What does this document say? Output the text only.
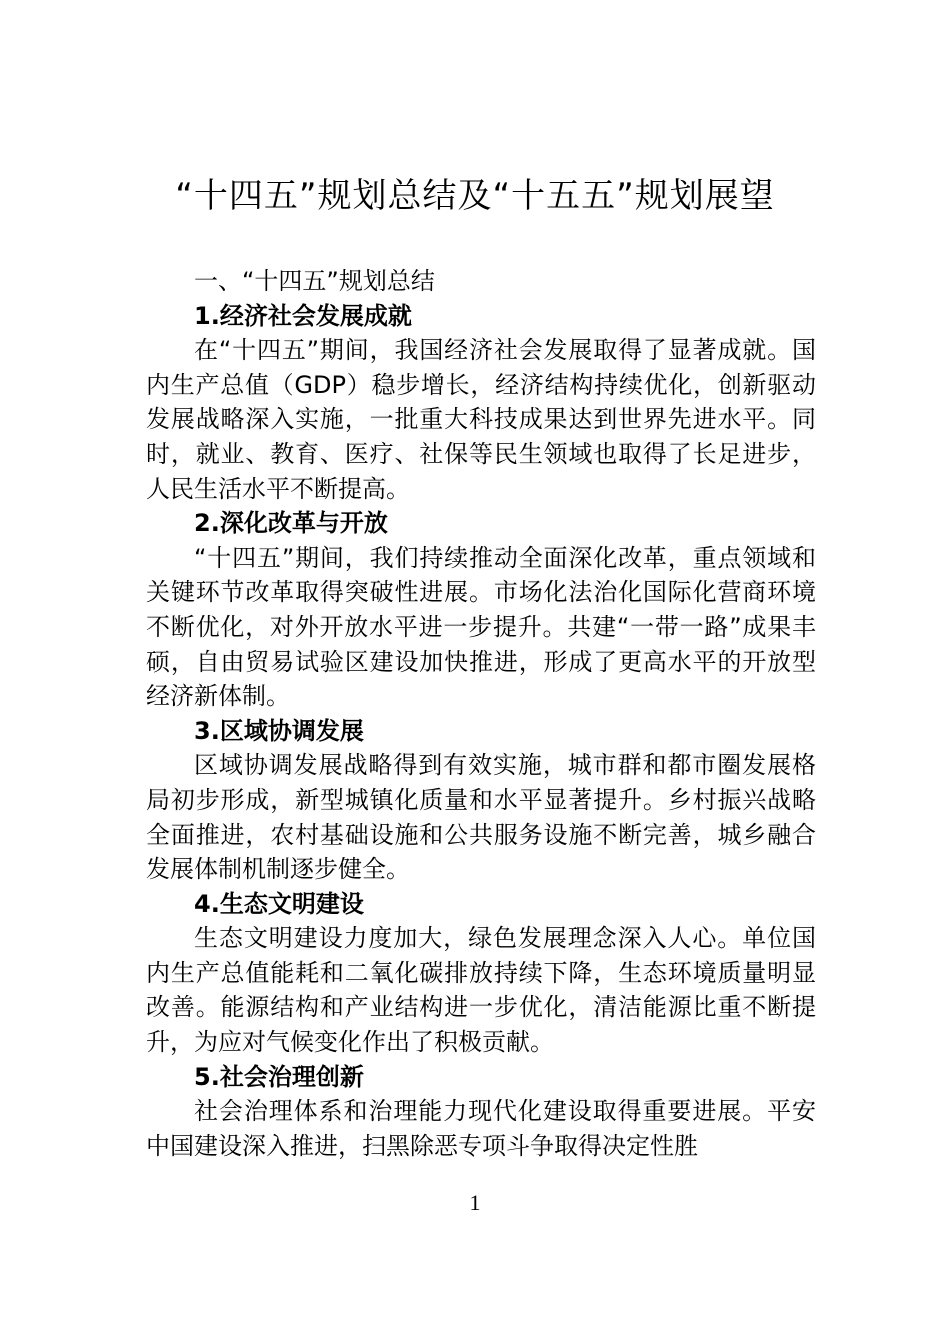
“十四五”规划总结及“十五五”规划展望
一、“十四五”规划总结
1.经济社会发展成就

在“十四五”期间，我国经济社会发展取得了显著成就。国内生产总值（GDP）稳步增长，经济结构持续优化，创新驱动发展战略深入实施，一批重大科技成果达到世界先进水平。同时，就业、教育、医疗、社保等民生领域也取得了长足进步，人民生活水平不断提高。

2.深化改革与开放

“十四五”期间，我们持续推动全面深化改革，重点领域和关键环节改革取得突破性进展。市场化法治化国际化营商环境不断优化，对外开放水平进一步提升。共建“一带一路”成果丰硕，自由贸易试验区建设加快推进，形成了更高水平的开放型经济新体制。

3.区域协调发展

区域协调发展战略得到有效实施，城市群和都市圈发展格局初步形成，新型城镇化质量和水平显著提升。乡村振兴战略全面推进，农村基础设施和公共服务设施不断完善，城乡融合发展体制机制逐步健全。

4.生态文明建设

生态文明建设力度加大，绿色发展理念深入人心。单位国内生产总值能耗和二氧化碳排放持续下降，生态环境质量明显改善。能源结构和产业结构进一步优化，清洁能源比重不断提升，为应对气候变化作出了积极贡献。

5.社会治理创新

社会治理体系和治理能力现代化建设取得重要进展。平安中国建设深入推进，扫黑除恶专项斗争取得决定性胜

1
